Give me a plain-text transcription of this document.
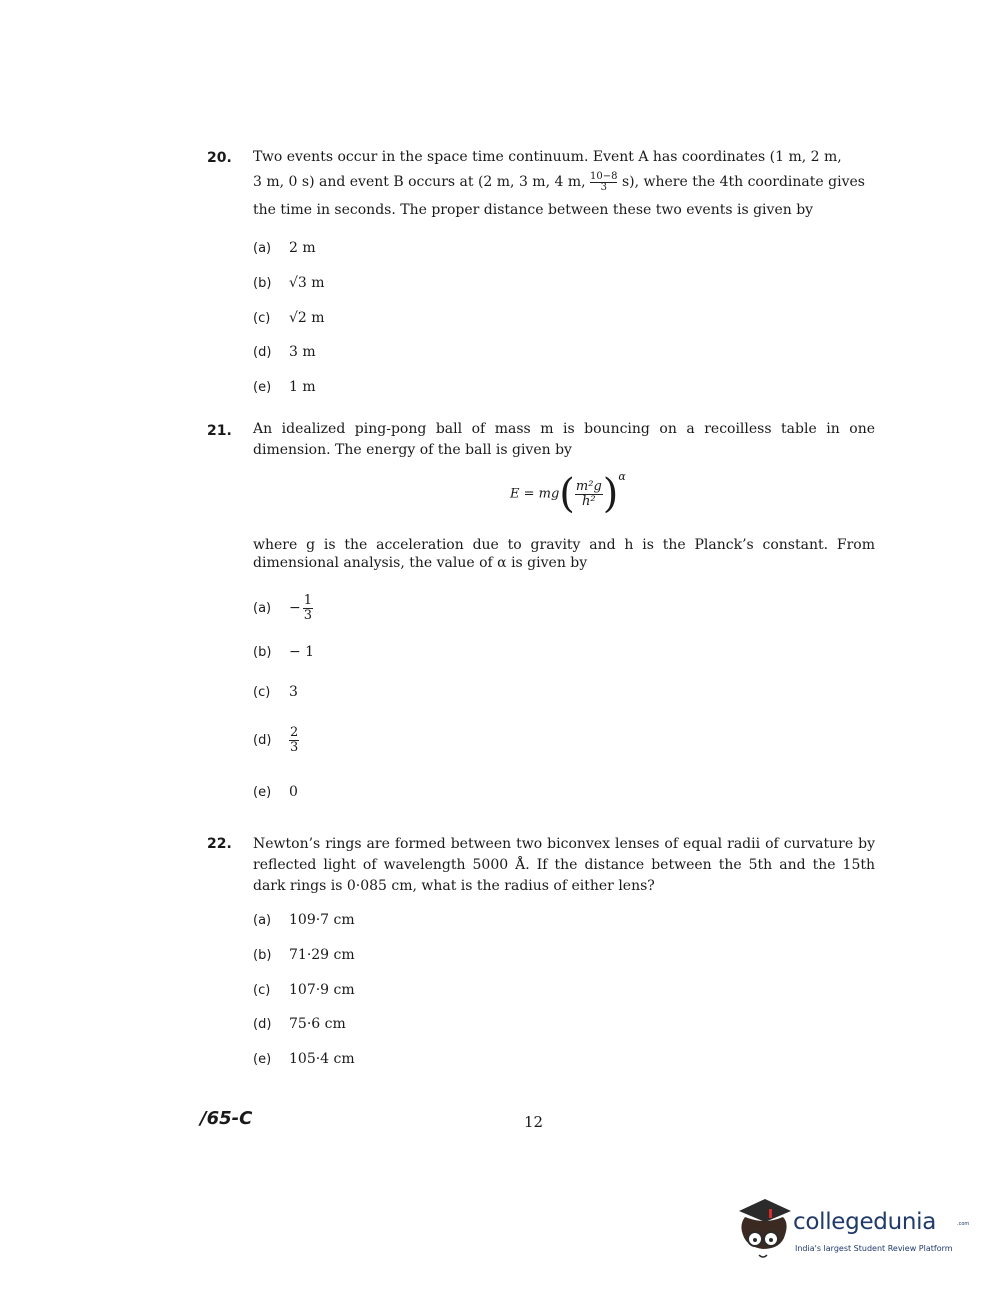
20. Two events occur in the space time continuum. Event A has coordinates (1 m, 2 m,
3 m, 0 s) and event B occurs at (2 m, 3 m, 4 m, $\frac{10-8}{3} s$), where the 4th coordinate gives
the time in seconds. The proper distance between these two events is given by
(a) 2 m
(b) √3 m
(c) √2 m
(d) 3 m
(e) 1 m
21. An idealized ping-pong ball of mass m is bouncing on a recoilless table in one dimension. The energy of the ball is given by
$E = mg( \frac{\text{m²g}}{\text{h²}} )^\alpha$
where g is the acceleration due to gravity and h is the Planck’s constant. From dimensional analysis, the value of α is given by
$(a) - \frac{1}{3}$
(b) − 1
(c) 3
$(d) \frac{2}{3}$
(e) 0
22. Newton’s rings are formed between two biconvex lenses of equal radii of curvature by reflected light of wavelength 5000 Å. If the distance between the 5th and the 15th dark rings is 0·085 cm, what is the radius of either lens?
(a) 109·7 cm
(b) 71·29 cm
(c) 107·9 cm
(d) 75·6 cm
(e) 105·4 cm
/65-C	12
collegedunia	.com
India's largest Student Review Platform
